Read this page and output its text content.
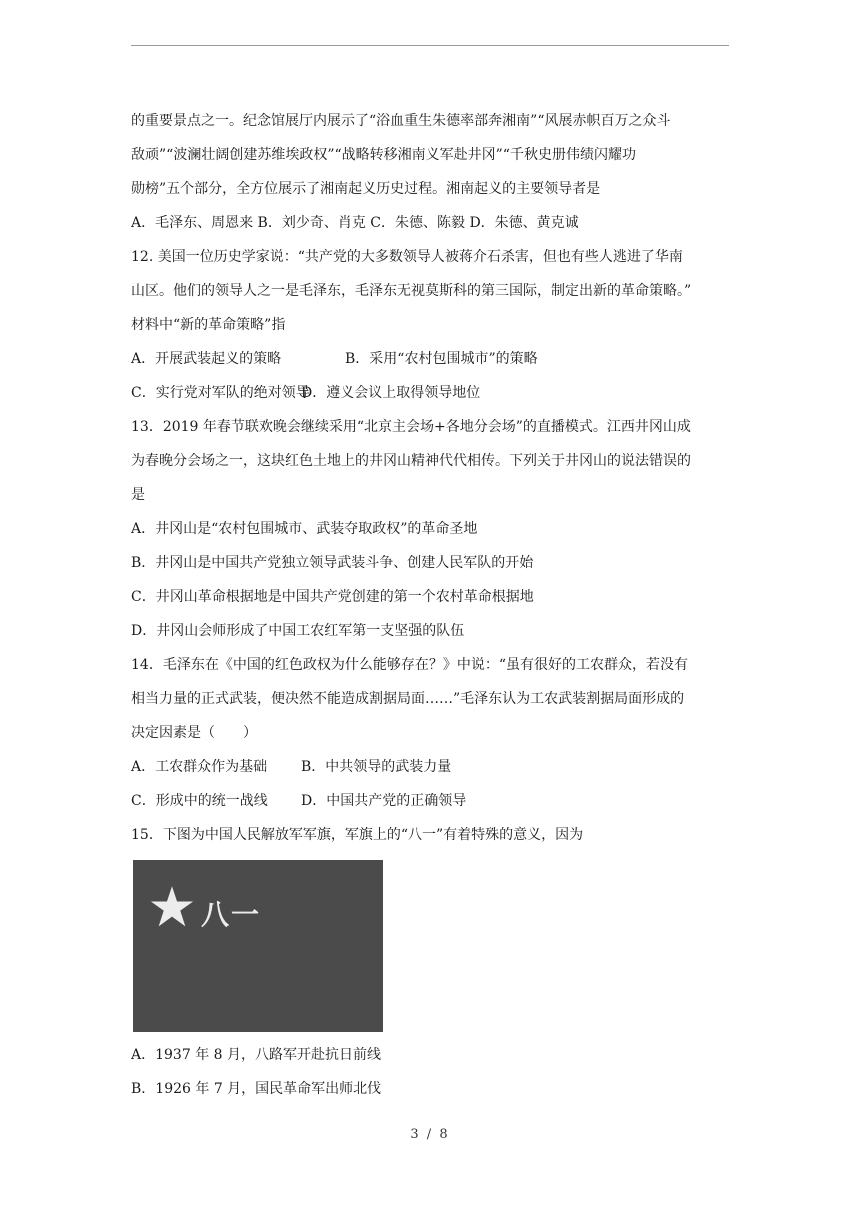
的重要景点之一。纪念馆展厅内展示了“浴血重生朱德率部奔湘南”“风展赤帜百万之众斗
敌顽”“波澜壮阔创建苏维埃政权”“战略转移湘南义军赴井冈”“千秋史册伟绩闪耀功
勋榜”五个部分，全方位展示了湘南起义历史过程。湘南起义的主要领导者是
A．毛泽东、周恩来 B．刘少奇、肖克 C．朱德、陈毅 D．朱德、黄克诚
12. 美国一位历史学家说：“共产党的大多数领导人被蒋介石杀害，但也有些人逃进了华南
山区。他们的领导人之一是毛泽东，毛泽东无视莫斯科的第三国际，制定出新的革命策略。”
材料中“新的革命策略”指
A．开展武装起义的策略	B．采用“农村包围城市”的策略
C．实行党对军队的绝对领导D．遵义会议上取得领导地位
13．2019 年春节联欢晚会继续采用“北京主会场+各地分会场”的直播模式。江西井冈山成
为春晚分会场之一，这块红色土地上的井冈山精神代代相传。下列关于井冈山的说法错误的
是
A．井冈山是“农村包围城市、武装夺取政权”的革命圣地
B．井冈山是中国共产党独立领导武装斗争、创建人民军队的开始
C．井冈山革命根据地是中国共产党创建的第一个农村革命根据地
D．井冈山会师形成了中国工农红军第一支坚强的队伍
14．毛泽东在《中国的红色政权为什么能够存在？》中说：“虽有很好的工农群众，若没有
相当力量的正式武装，便决然不能造成割据局面……”毛泽东认为工农武装割据局面形成的
决定因素是（　　）
A．工农群众作为基础 B．中共领导的武装力量
C．形成中的统一战线 D．中国共产党的正确领导
15．下图为中国人民解放军军旗，军旗上的“八一”有着特殊的意义，因为
八一
A．1937 年 8 月，八路军开赴抗日前线
B．1926 年 7 月，国民革命军出师北伐
3 / 8
